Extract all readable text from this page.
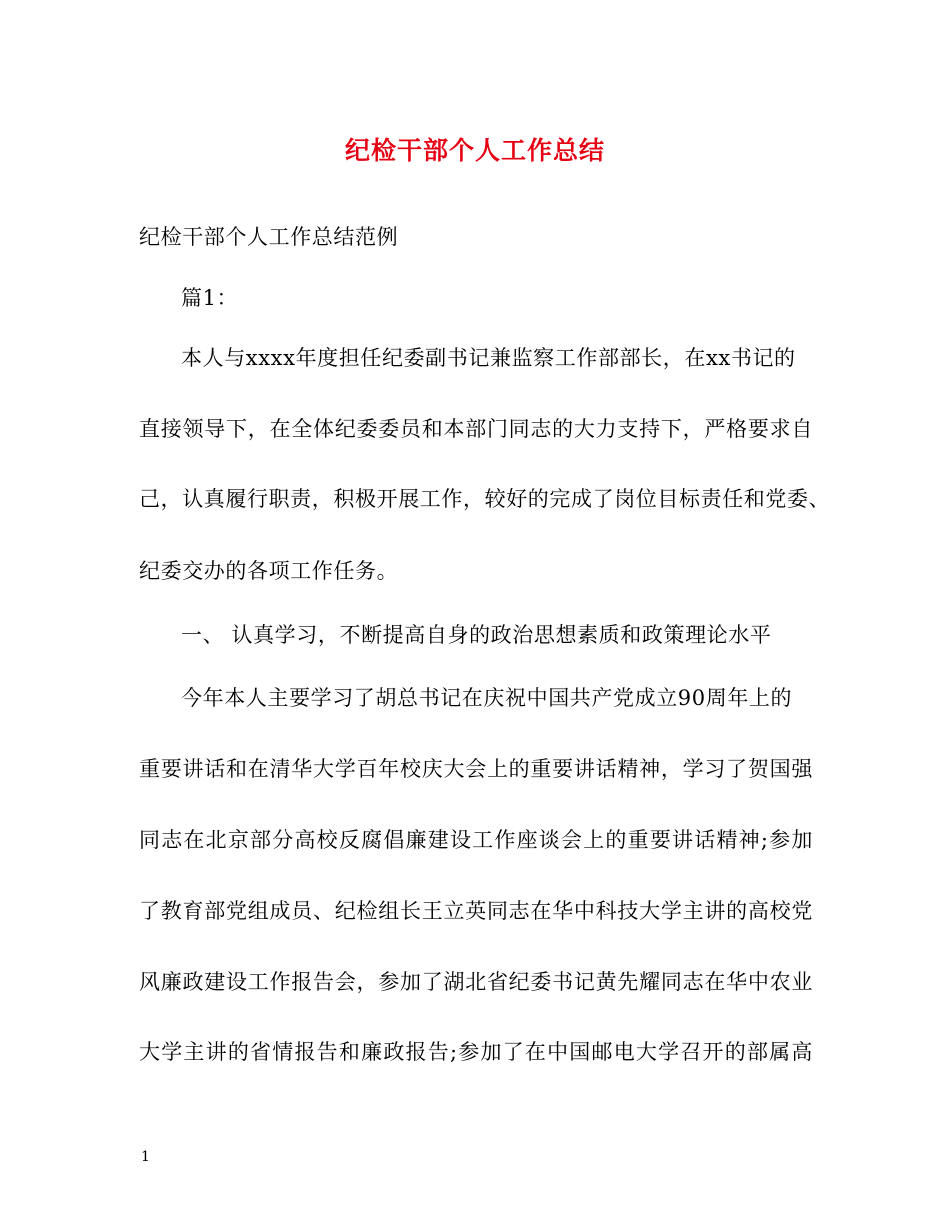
纪检干部个人工作总结
纪检干部个人工作总结范例
篇1：
本人与xxxx年度担任纪委副书记兼监察工作部部长，在xx书记的
直接领导下，在全体纪委委员和本部门同志的大力支持下，严格要求自
己，认真履行职责，积极开展工作，较好的完成了岗位目标责任和党委、
纪委交办的各项工作任务。
一、 认真学习，不断提高自身的政治思想素质和政策理论水平
今年本人主要学习了胡总书记在庆祝中国共产党成立90周年上的
重要讲话和在清华大学百年校庆大会上的重要讲话精神，学习了贺国强
同志在北京部分高校反腐倡廉建设工作座谈会上的重要讲话精神;参加
了教育部党组成员、纪检组长王立英同志在华中科技大学主讲的高校党
风廉政建设工作报告会，参加了湖北省纪委书记黄先耀同志在华中农业
大学主讲的省情报告和廉政报告;参加了在中国邮电大学召开的部属高
1
